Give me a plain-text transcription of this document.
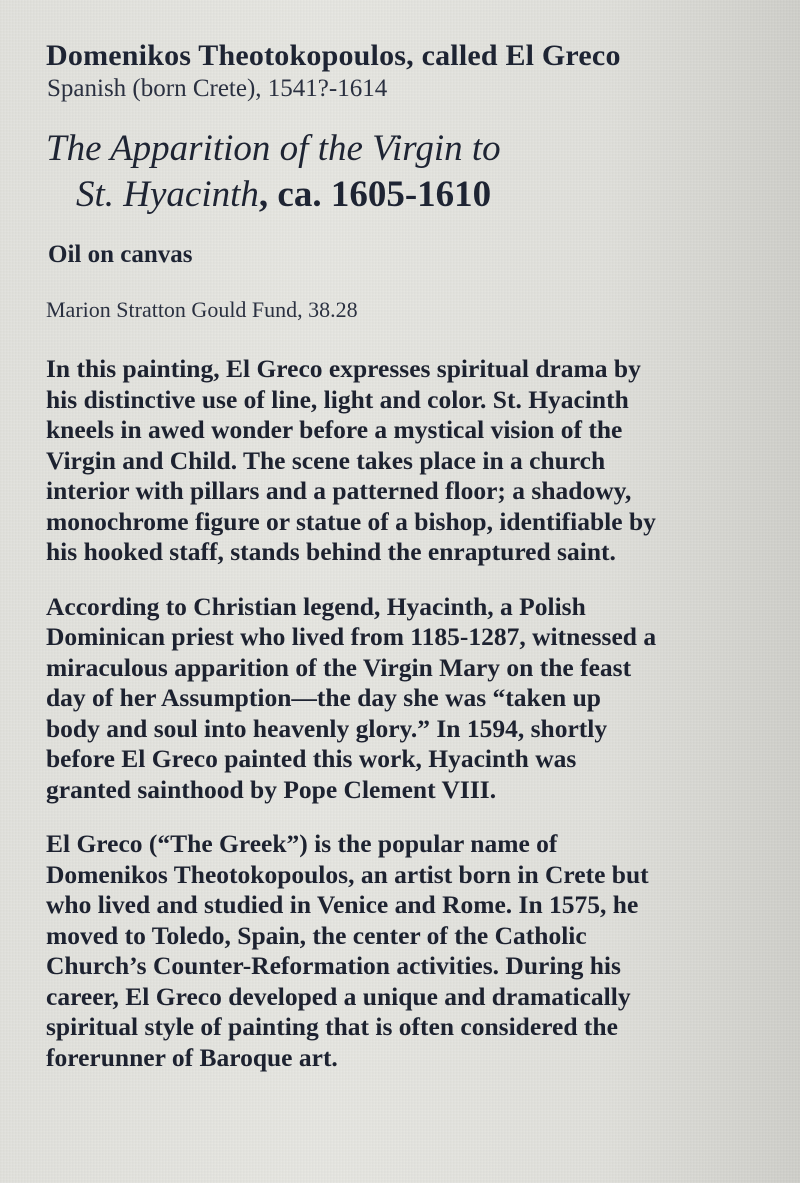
Domenikos Theotokopoulos, called El Greco

Spanish (born Crete), 1541?-1614

The Apparition of the Virgin to
St. Hyacinth, ca. 1605-1610

Oil on canvas

Marion Stratton Gould Fund, 38.28

In this painting, El Greco expresses spiritual drama by
his distinctive use of line, light and color. St. Hyacinth
kneels in awed wonder before a mystical vision of the
Virgin and Child. The scene takes place in a church
interior with pillars and a patterned floor; a shadowy,
monochrome figure or statue of a bishop, identifiable by
his hooked staff, stands behind the enraptured saint.
According to Christian legend, Hyacinth, a Polish
Dominican priest who lived from 1185-1287, witnessed a
miraculous apparition of the Virgin Mary on the feast
day of her Assumption—the day she was “taken up
body and soul into heavenly glory.” In 1594, shortly
before El Greco painted this work, Hyacinth was
granted sainthood by Pope Clement VIII.
El Greco (“The Greek”) is the popular name of
Domenikos Theotokopoulos, an artist born in Crete but
who lived and studied in Venice and Rome. In 1575, he
moved to Toledo, Spain, the center of the Catholic
Church’s Counter-Reformation activities. During his
career, El Greco developed a unique and dramatically
spiritual style of painting that is often considered the
forerunner of Baroque art.
